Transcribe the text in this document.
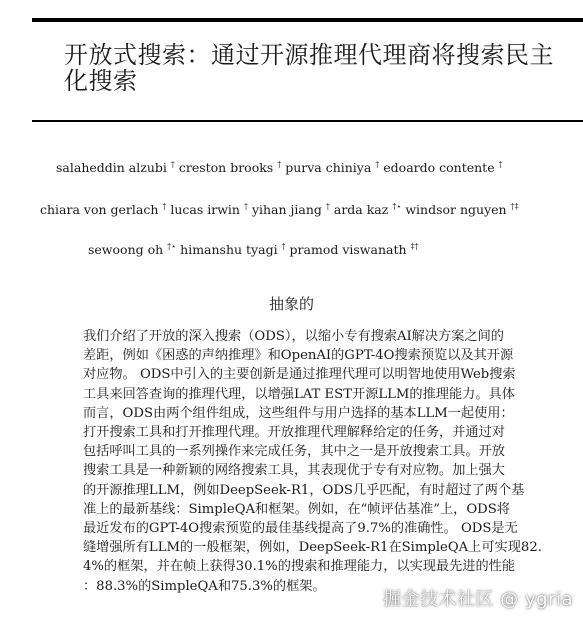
开放式搜索：通过开源推理代理商将搜索民主化搜索
salaheddin alzubi † creston brooks † purva chiniya † edoardo contente †
chiara von gerlach † lucas irwin † yihan jiang † arda kaz †⋆ windsor nguyen †‡
sewoong oh †⋆ himanshu tyagi † pramod viswanath ‡†
抽象的

我们介绍了开放的深入搜索（ODS），以缩小专有搜索AI解决方案之间的
差距，例如《困惑的声纳推理》和OpenAI的GPT-4O搜索预览以及其开源
对应物。 ODS中引入的主要创新是通过推理代理可以明智地使用Web搜索
工具来回答查询的推理代理，以增强LAT EST开源LLM的推理能力。具体
而言，ODS由两个组件组成，这些组件与用户选择的基本LLM一起使用：
打开搜索工具和打开推理代理。开放推理代理解释给定的任务，并通过对
包括呼叫工具的一系列操作来完成任务，其中之一是开放搜索工具。开放
搜索工具是一种新颖的网络搜索工具，其表现优于专有对应物。加上强大
的开源推理LLM，例如DeepSeek-R1，ODS几乎匹配，有时超过了两个基
准上的最新基线：SimpleQA和框架。例如，在“帧评估基准”上，ODS将
最近发布的GPT-4O搜索预览的最佳基线提高了9.7%的准确性。 ODS是无
缝增强所有LLM的一般框架，例如，DeepSeek-R1在SimpleQA上可实现82.
4%的框架，并在帧上获得30.1%的搜索和推理能力，以实现最先进的性能
：88.3%的SimpleQA和75.3%的框架。

掘金技术社区 @ ygria
